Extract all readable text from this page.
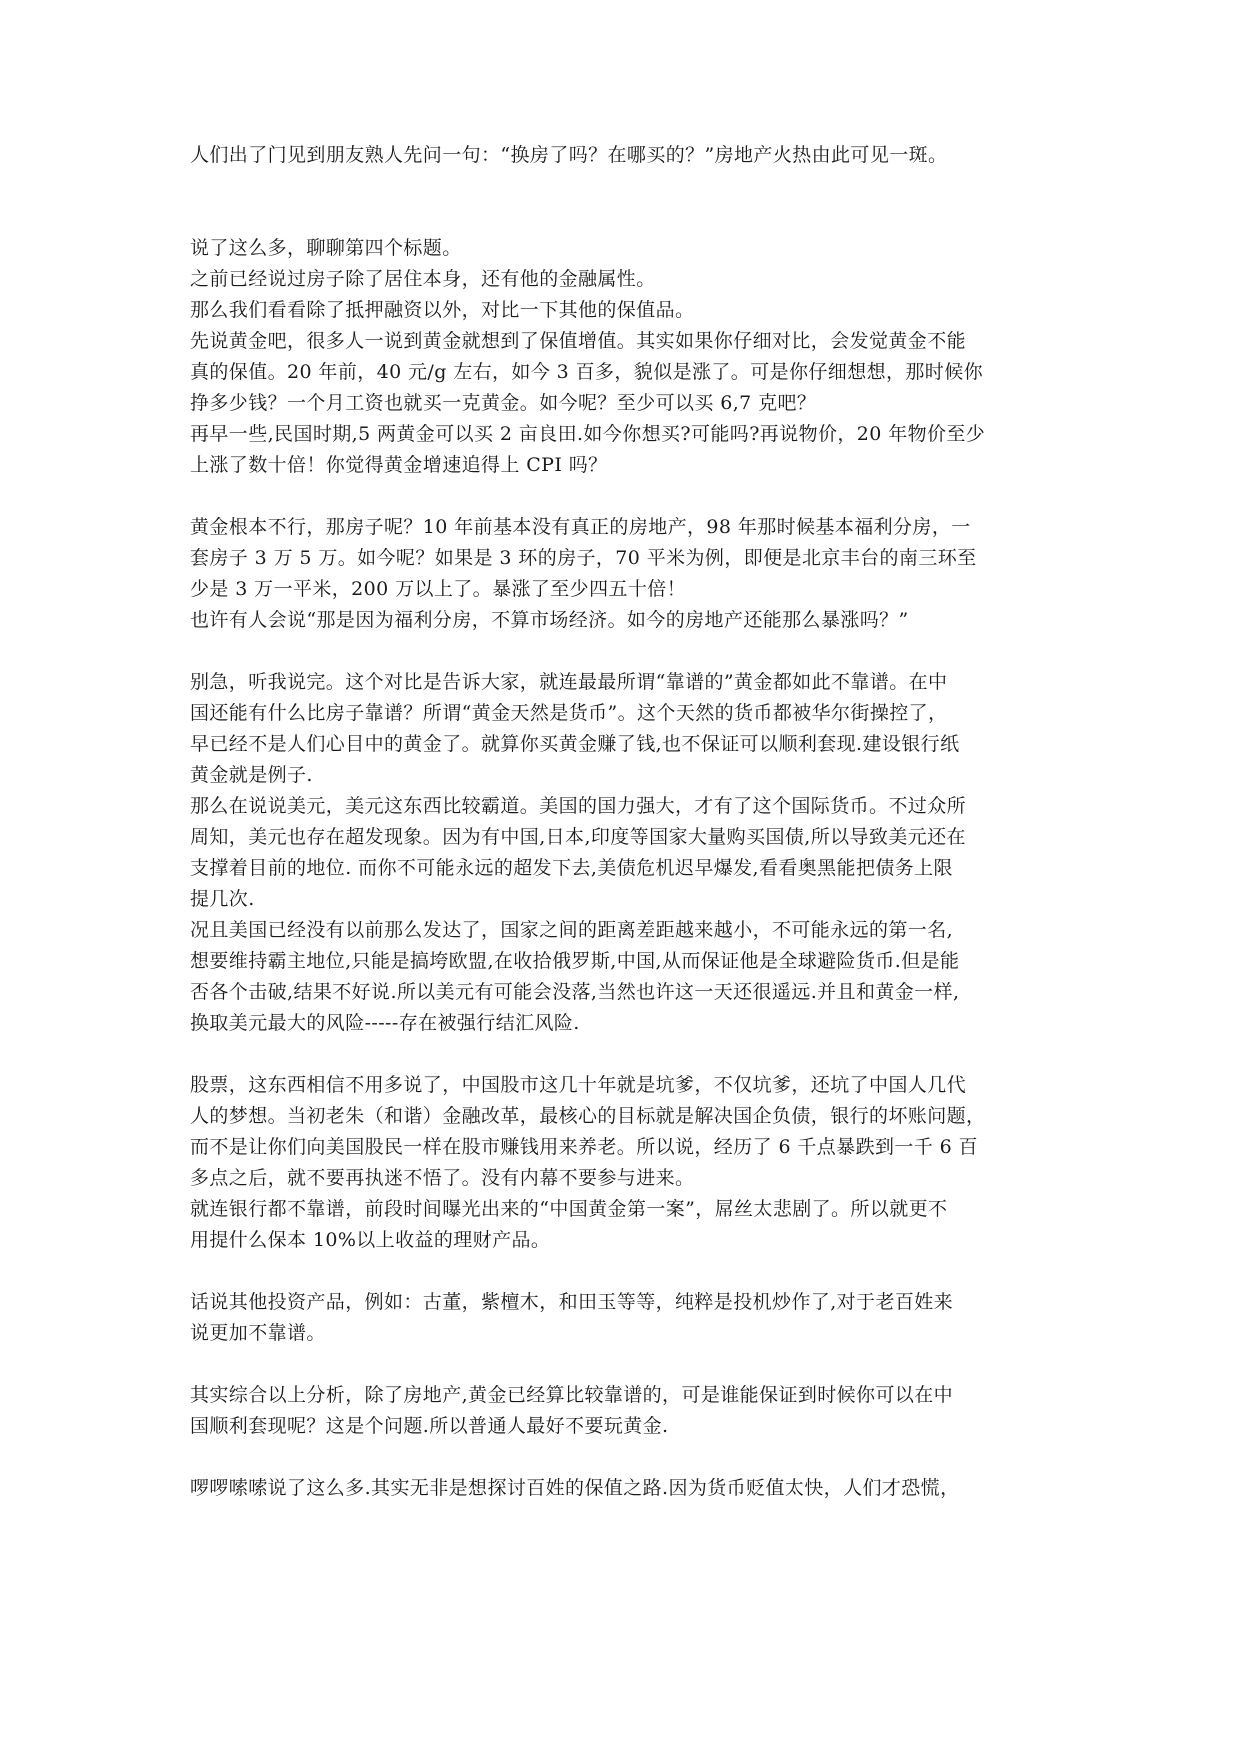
人们出了门见到朋友熟人先问一句：“换房了吗？在哪买的？”房地产火热由此可见一斑。
说了这么多，聊聊第四个标题。
之前已经说过房子除了居住本身，还有他的金融属性。
那么我们看看除了抵押融资以外，对比一下其他的保值品。
先说黄金吧，很多人一说到黄金就想到了保值增值。其实如果你仔细对比，会发觉黄金不能
真的保值。20 年前，40 元/g 左右，如今 3 百多，貌似是涨了。可是你仔细想想，那时候你
挣多少钱？一个月工资也就买一克黄金。如今呢？至少可以买 6,7 克吧？
再早一些,民国时期,5 两黄金可以买 2 亩良田.如今你想买?可能吗?再说物价，20 年物价至少
上涨了数十倍！你觉得黄金增速追得上 CPI 吗？
黄金根本不行，那房子呢？10 年前基本没有真正的房地产，98 年那时候基本福利分房，一
套房子 3 万 5 万。如今呢？如果是 3 环的房子，70 平米为例，即便是北京丰台的南三环至
少是 3 万一平米，200 万以上了。暴涨了至少四五十倍！
也许有人会说“那是因为福利分房，不算市场经济。如今的房地产还能那么暴涨吗？”
别急，听我说完。这个对比是告诉大家，就连最最所谓“靠谱的”黄金都如此不靠谱。在中
国还能有什么比房子靠谱？所谓“黄金天然是货币”。这个天然的货币都被华尔街操控了，
早已经不是人们心目中的黄金了。就算你买黄金赚了钱,也不保证可以顺利套现.建设银行纸
黄金就是例子.
那么在说说美元，美元这东西比较霸道。美国的国力强大，才有了这个国际货币。不过众所
周知，美元也存在超发现象。因为有中国,日本,印度等国家大量购买国债,所以导致美元还在
支撑着目前的地位. 而你不可能永远的超发下去,美债危机迟早爆发,看看奥黑能把债务上限
提几次.
况且美国已经没有以前那么发达了，国家之间的距离差距越来越小，不可能永远的第一名,
想要维持霸主地位,只能是搞垮欧盟,在收拾俄罗斯,中国,从而保证他是全球避险货币.但是能
否各个击破,结果不好说.所以美元有可能会没落,当然也许这一天还很遥远.并且和黄金一样,
换取美元最大的风险-----存在被强行结汇风险.
股票，这东西相信不用多说了，中国股市这几十年就是坑爹，不仅坑爹，还坑了中国人几代
人的梦想。当初老朱（和谐）金融改革，最核心的目标就是解决国企负债，银行的坏账问题，
而不是让你们向美国股民一样在股市赚钱用来养老。所以说，经历了 6 千点暴跌到一千 6 百
多点之后，就不要再执迷不悟了。没有内幕不要参与进来。
就连银行都不靠谱，前段时间曝光出来的“中国黄金第一案”，屌丝太悲剧了。所以就更不
用提什么保本 10%以上收益的理财产品。
话说其他投资产品，例如：古董，紫檀木，和田玉等等，纯粹是投机炒作了,对于老百姓来
说更加不靠谱。
其实综合以上分析，除了房地产,黄金已经算比较靠谱的，可是谁能保证到时候你可以在中
国顺利套现呢？这是个问题.所以普通人最好不要玩黄金.
啰啰嗦嗦说了这么多.其实无非是想探讨百姓的保值之路.因为货币贬值太快，人们才恐慌，
